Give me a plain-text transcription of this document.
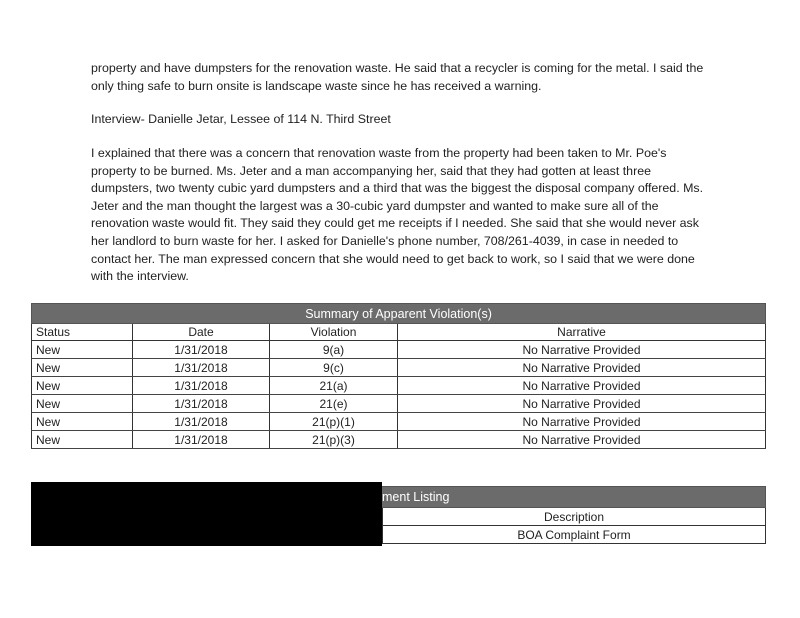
property and have dumpsters for the renovation waste. He said that a recycler is coming for the metal. I said the only thing safe to burn onsite is landscape waste since he has received a warning.

Interview- Danielle Jetar, Lessee of 114 N. Third Street

I explained that there was a concern that renovation waste from the property had been taken to Mr. Poe's property to be burned. Ms. Jeter and a man accompanying her, said that they had gotten at least three dumpsters, two twenty cubic yard dumpsters and a third that was the biggest the disposal company offered. Ms. Jeter and the man thought the largest was a 30-cubic yard dumpster and wanted to make sure all of the renovation waste would fit. They said they could get me receipts if I needed. She said that she would never ask her landlord to burn waste for her. I asked for Danielle's phone number, 708/261-4039, in case in needed to contact her. The man expressed concern that she would need to get back to work, so I said that we were done with the interview.

Summary of Apparent Violation(s)			
Status	Date	Violation	Narrative
New	1/31/2018	9(a)	No Narrative Provided
New	1/31/2018	9(c)	No Narrative Provided
New	1/31/2018	21(a)	No Narrative Provided
New	1/31/2018	21(e)	No Narrative Provided
New	1/31/2018	21(p)(1)	No Narrative Provided
New	1/31/2018	21(p)(3)	No Narrative Provided
ment Listing	
	Description
	BOA Complaint Form
